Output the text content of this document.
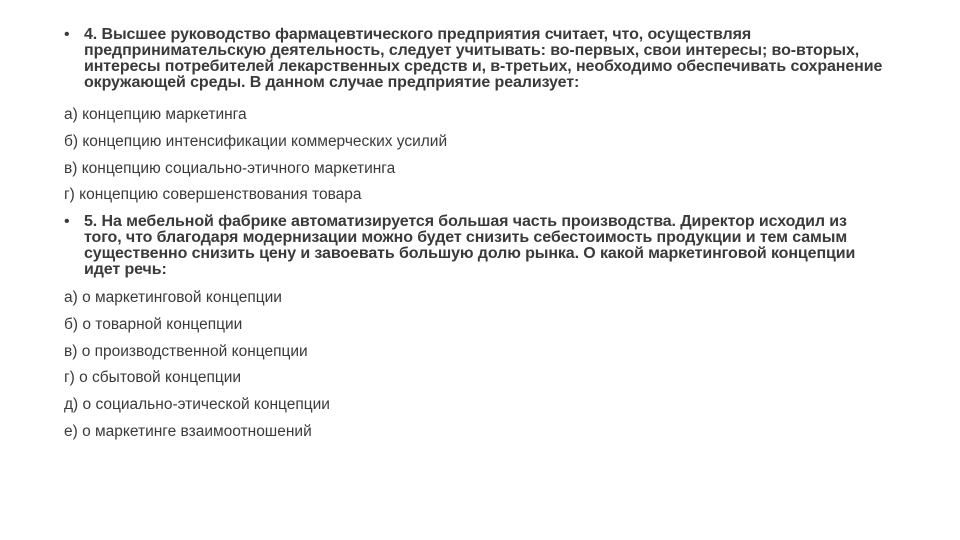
• 4. Высшее руководство фармацевтического предприятия считает, что, осуществляя предпринимательскую деятельность, следует учитывать: во-первых, свои интересы; во-вторых, интересы потребителей лекарственных средств и, в-третьих, необходимо обеспечивать сохранение окружающей среды. В данном случае предприятие реализует:
а) концепцию маркетинга
б) концепцию интенсификации коммерческих усилий
в) концепцию социально-этичного маркетинга
г) концепцию совершенствования товара
• 5. На мебельной фабрике автоматизируется большая часть производства. Директор исходил из того, что благодаря модернизации можно будет снизить себестоимость продукции и тем самым существенно снизить цену и завоевать большую долю рынка. О какой маркетинговой концепции идет речь:
а) о маркетинговой концепции
б) о товарной концепции
в) о производственной концепции
г) о сбытовой концепции
д) о социально-этической концепции
е) о маркетинге взаимоотношений
